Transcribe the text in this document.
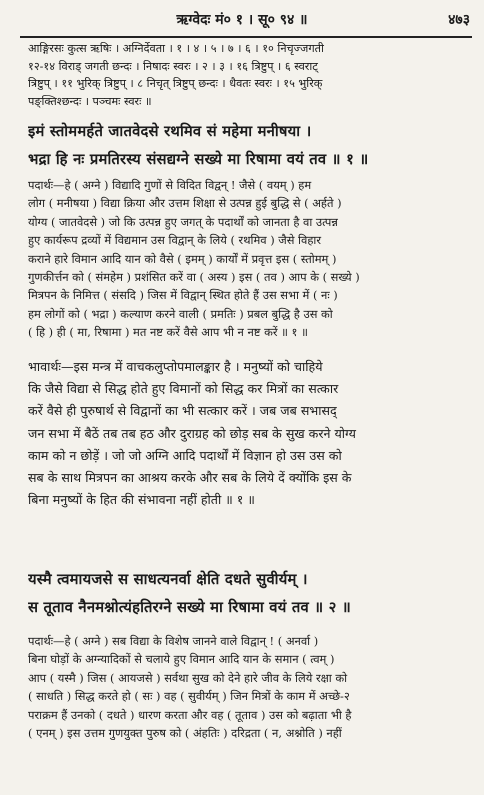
ऋग्वेदः मं० १ । सू० ९४ ॥	४७३
आङ्गिरसः कुत्स ऋषिः । अग्निर्देवता । १ । ४ । ५ । ७ । ६ । १० निचृज्जगती
१२-१४ विराड् जगती छन्दः । निषादः स्वरः । २ । ३ । १६ त्रिष्टुप् । ६ स्वराट्
त्रिष्टुप् । ११ भुरिक् त्रिष्टुप् । ८ निचृत् त्रिष्टुप् छन्दः । धैवतः स्वरः । १५ भुरिक्
पङ्क्तिश्छन्दः । पञ्चमः स्वरः ॥
इमं स्तोममर्हते जातवेदसे रथमिव सं महेमा मनीषया ।
भद्रा हि नः प्रमतिरस्य संसद्यग्ने सख्ये मा रिषामा वयं तव ॥ १ ॥
पदार्थः—हे ( अग्ने ) विद्यादि गुणों से विदित विद्वन् ! जैसे ( वयम् ) हम
लोग ( मनीषया ) विद्या क्रिया और उत्तम शिक्षा से उत्पन्न हुई बुद्धि से ( अर्हते )
योग्य ( जातवेदसे ) जो कि उत्पन्न हुए जगत् के पदार्थों को जानता है वा उत्पन्न
हुए कार्यरूप द्रव्यों में विद्यमान उस विद्वान् के लिये ( रथमिव ) जैसे विहार
कराने हारे विमान आदि यान को वैसे ( इमम् ) कार्यों में प्रवृत्त इस ( स्तोमम् )
गुणकीर्त्तन को ( संमहेम ) प्रशंसित करें वा ( अस्य ) इस ( तव ) आप के ( सख्ये )
मित्रपन के निमित्त ( संसदि ) जिस में विद्वान् स्थित होते हैं उस सभा में ( नः )
हम लोगों को ( भद्रा ) कल्याण करने वाली ( प्रमतिः ) प्रबल बुद्धि है उस को
( हि ) ही ( मा, रिषामा ) मत नष्ट करें वैसे आप भी न नष्ट करें ॥ १ ॥
भावार्थः—इस मन्त्र में वाचकलुप्तोपमालङ्कार है । मनुष्यों को चाहिये
कि जैसे विद्या से सिद्ध होते हुए विमानों को सिद्ध कर मित्रों का सत्कार
करें वैसे ही पुरुषार्थ से विद्वानों का भी सत्कार करें । जब जब सभासद्
जन सभा में बैठें तब तब हठ और दुराग्रह को छोड़ सब के सुख करने योग्य
काम को न छोड़ें । जो जो अग्नि आदि पदार्थों में विज्ञान हो उस उस को
सब के साथ मित्रपन का आश्रय करके और सब के लिये दें क्योंकि इस के
बिना मनुष्यों के हित की संभावना नहीं होती ॥ १ ॥
यस्मै त्वमायजसे स साधत्यनर्वा क्षेति दधते सुवीर्यम् ।
स तूताव नैनमश्नोत्यंहतिरग्ने सख्ये मा रिषामा वयं तव ॥ २ ॥
पदार्थः—हे ( अग्ने ) सब विद्या के विशेष जानने वाले विद्वान् ! ( अनर्वा )
बिना घोड़ों के अग्न्यादिकों से चलाये हुए विमान आदि यान के समान ( त्वम् )
आप ( यस्मै ) जिस ( आयजसे ) सर्वथा सुख को देने हारे जीव के लिये रक्षा को
( साधति ) सिद्ध करते हो ( सः ) वह ( सुवीर्यम् ) जिन मित्रों के काम में अच्छे-२
पराक्रम हैं उनको ( दधते ) धारण करता और वह ( तूताव ) उस को बढ़ाता भी है
( एनम् ) इस उत्तम गुणयुक्त पुरुष को ( अंहतिः ) दरिद्रता ( न, अश्नोति ) नहीं
